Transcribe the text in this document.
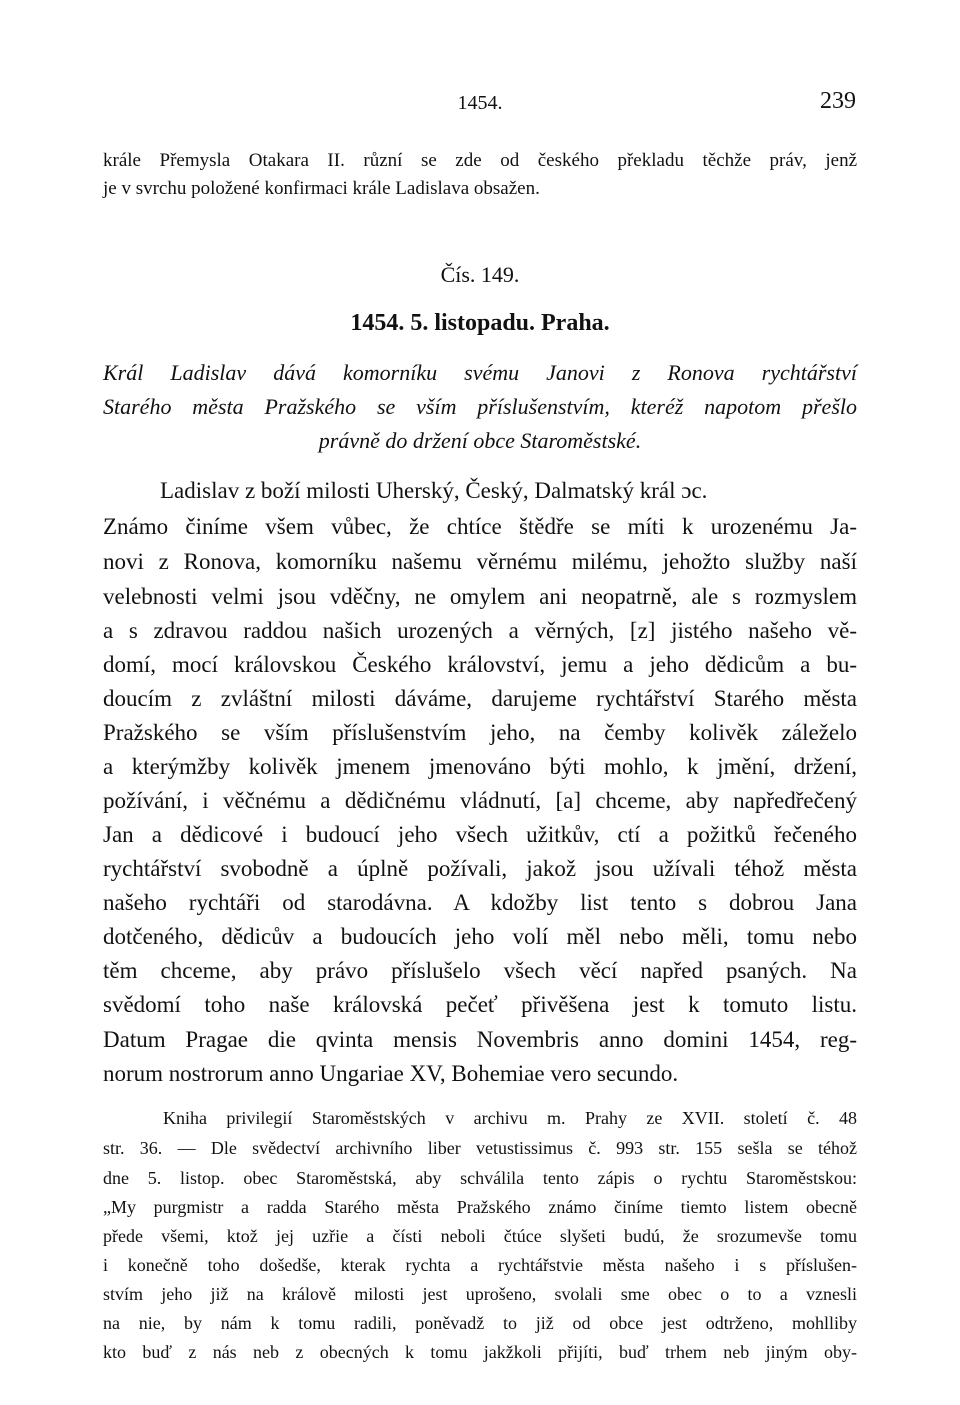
1454.	239
krále Přemysla Otakara II. různí se zde od českého překladu těchže práv, jenž
je v svrchu položené konfirmaci krále Ladislava obsažen.
Čís. 149.
1454. 5. listopadu. Praha.
Král Ladislav dává komorníku svému Janovi z Ronova rychtářství
Starého města Pražského se vším příslušenstvím, kteréž napotom přešlo
právně do držení obce Staroměstské.
Ladislav z boží milosti Uherský, Český, Dalmatský král ɔc.
Známo činíme všem vůbec, že chtíce štědře se míti k urozenému Ja-
novi z Ronova, komorníku našemu věrnému milému, jehožto služby naší
velebnosti velmi jsou vděčny, ne omylem ani neopatrně, ale s rozmyslem
a s zdravou raddou našich urozených a věrných, [z] jistého našeho vě-
domí, mocí královskou Českého království, jemu a jeho dědicům a bu-
doucím z zvláštní milosti dáváme, darujeme rychtářství Starého města
Pražského se vším příslušenstvím jeho, na čemby kolivěk záleželo
a kterýmžby kolivěk jmenem jmenováno býti mohlo, k jmění, držení,
požívání, i věčnému a dědičnému vládnutí, [a] chceme, aby napředřečený
Jan a dědicové i budoucí jeho všech užitkův, ctí a požitků řečeného
rychtářství svobodně a úplně požívali, jakož jsou užívali téhož města
našeho rychtáři od starodávna. A kdožby list tento s dobrou Jana
dotčeného, dědicův a budoucích jeho volí měl nebo měli, tomu nebo
těm chceme, aby právo příslušelo všech věcí napřed psaných. Na
svědomí toho naše královská pečeť přivěšena jest k tomuto listu.
Datum Pragae die qvinta mensis Novembris anno domini 1454, reg-
norum nostrorum anno Ungariae XV, Bohemiae vero secundo.
Kniha privilegií Staroměstských v archivu m. Prahy ze XVII. století č. 48
str. 36. — Dle svědectví archivního liber vetustissimus č. 993 str. 155 sešla se téhož
dne 5. listop. obec Staroměstská, aby schválila tento zápis o rychtu Staroměstskou:
„My purgmistr a radda Starého města Pražského známo činíme tiemto listem obecně
přede všemi, ktož jej uzřie a čísti neboli čtúce slyšeti budú, že srozumevše tomu
i konečně toho došedše, kterak rychta a rychtářstvie města našeho i s příslušen-
stvím jeho již na králově milosti jest uprošeno, svolali sme obec o to a vznesli
na nie, by nám k tomu radili, poněvadž to již od obce jest odtrženo, mohlliby
kto buď z nás neb z obecných k tomu jakžkoli přijíti, buď trhem neb jiným oby-
